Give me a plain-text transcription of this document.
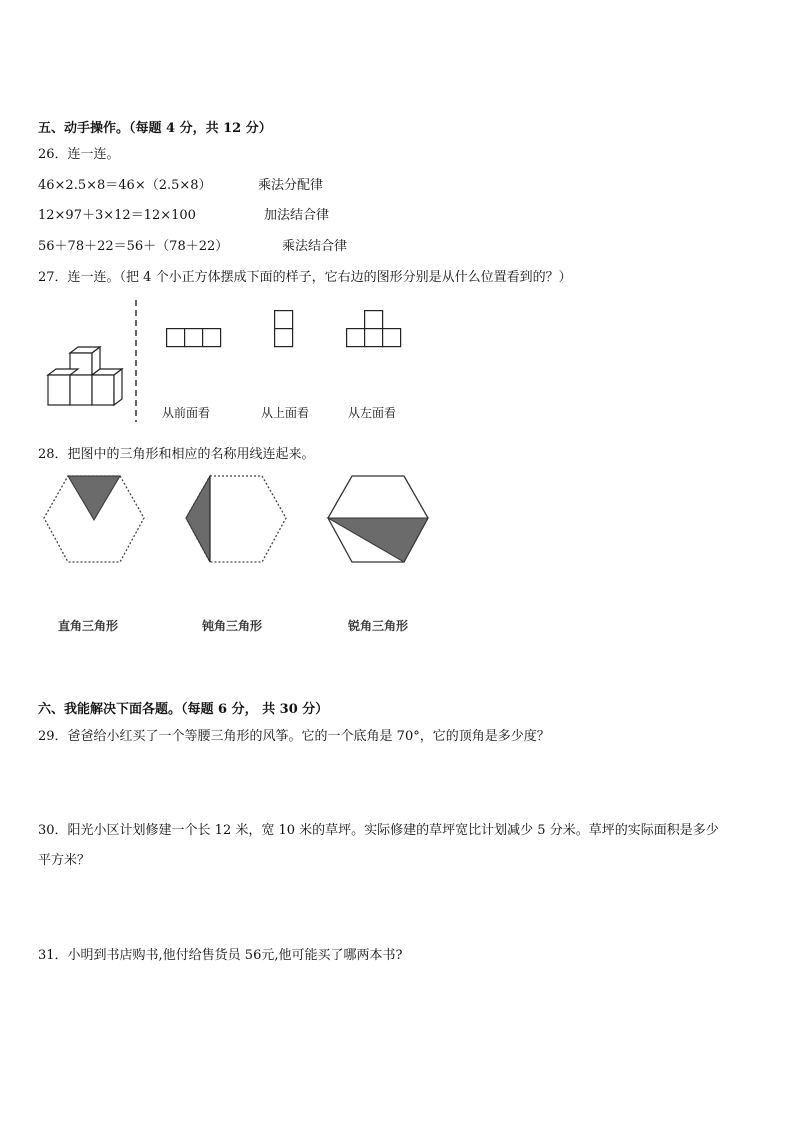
五、动手操作。（每题 4 分，共 12 分）
26．连一连。
46×2.5×8＝46×（2.5×8）	乘法分配律
12×97＋3×12＝12×100	加法结合律
56＋78＋22＝56＋（78＋22）	乘法结合律
27．连一连。（把 4 个小正方体摆成下面的样子，它右边的图形分别是从什么位置看到的？）
从前面看	从上面看	从左面看
28．把图中的三角形和相应的名称用线连起来。
直角三角形	钝角三角形	锐角三角形
六、我能解决下面各题。（每题 6 分， 共 30 分）
29．爸爸给小红买了一个等腰三角形的风筝。它的一个底角是 70°，它的顶角是多少度？
30．阳光小区计划修建一个长 12 米，宽 10 米的草坪。实际修建的草坪宽比计划减少 5 分米。草坪的实际面积是多少
平方米？
31．小明到书店购书,他付给售货员 56元,他可能买了哪两本书?
